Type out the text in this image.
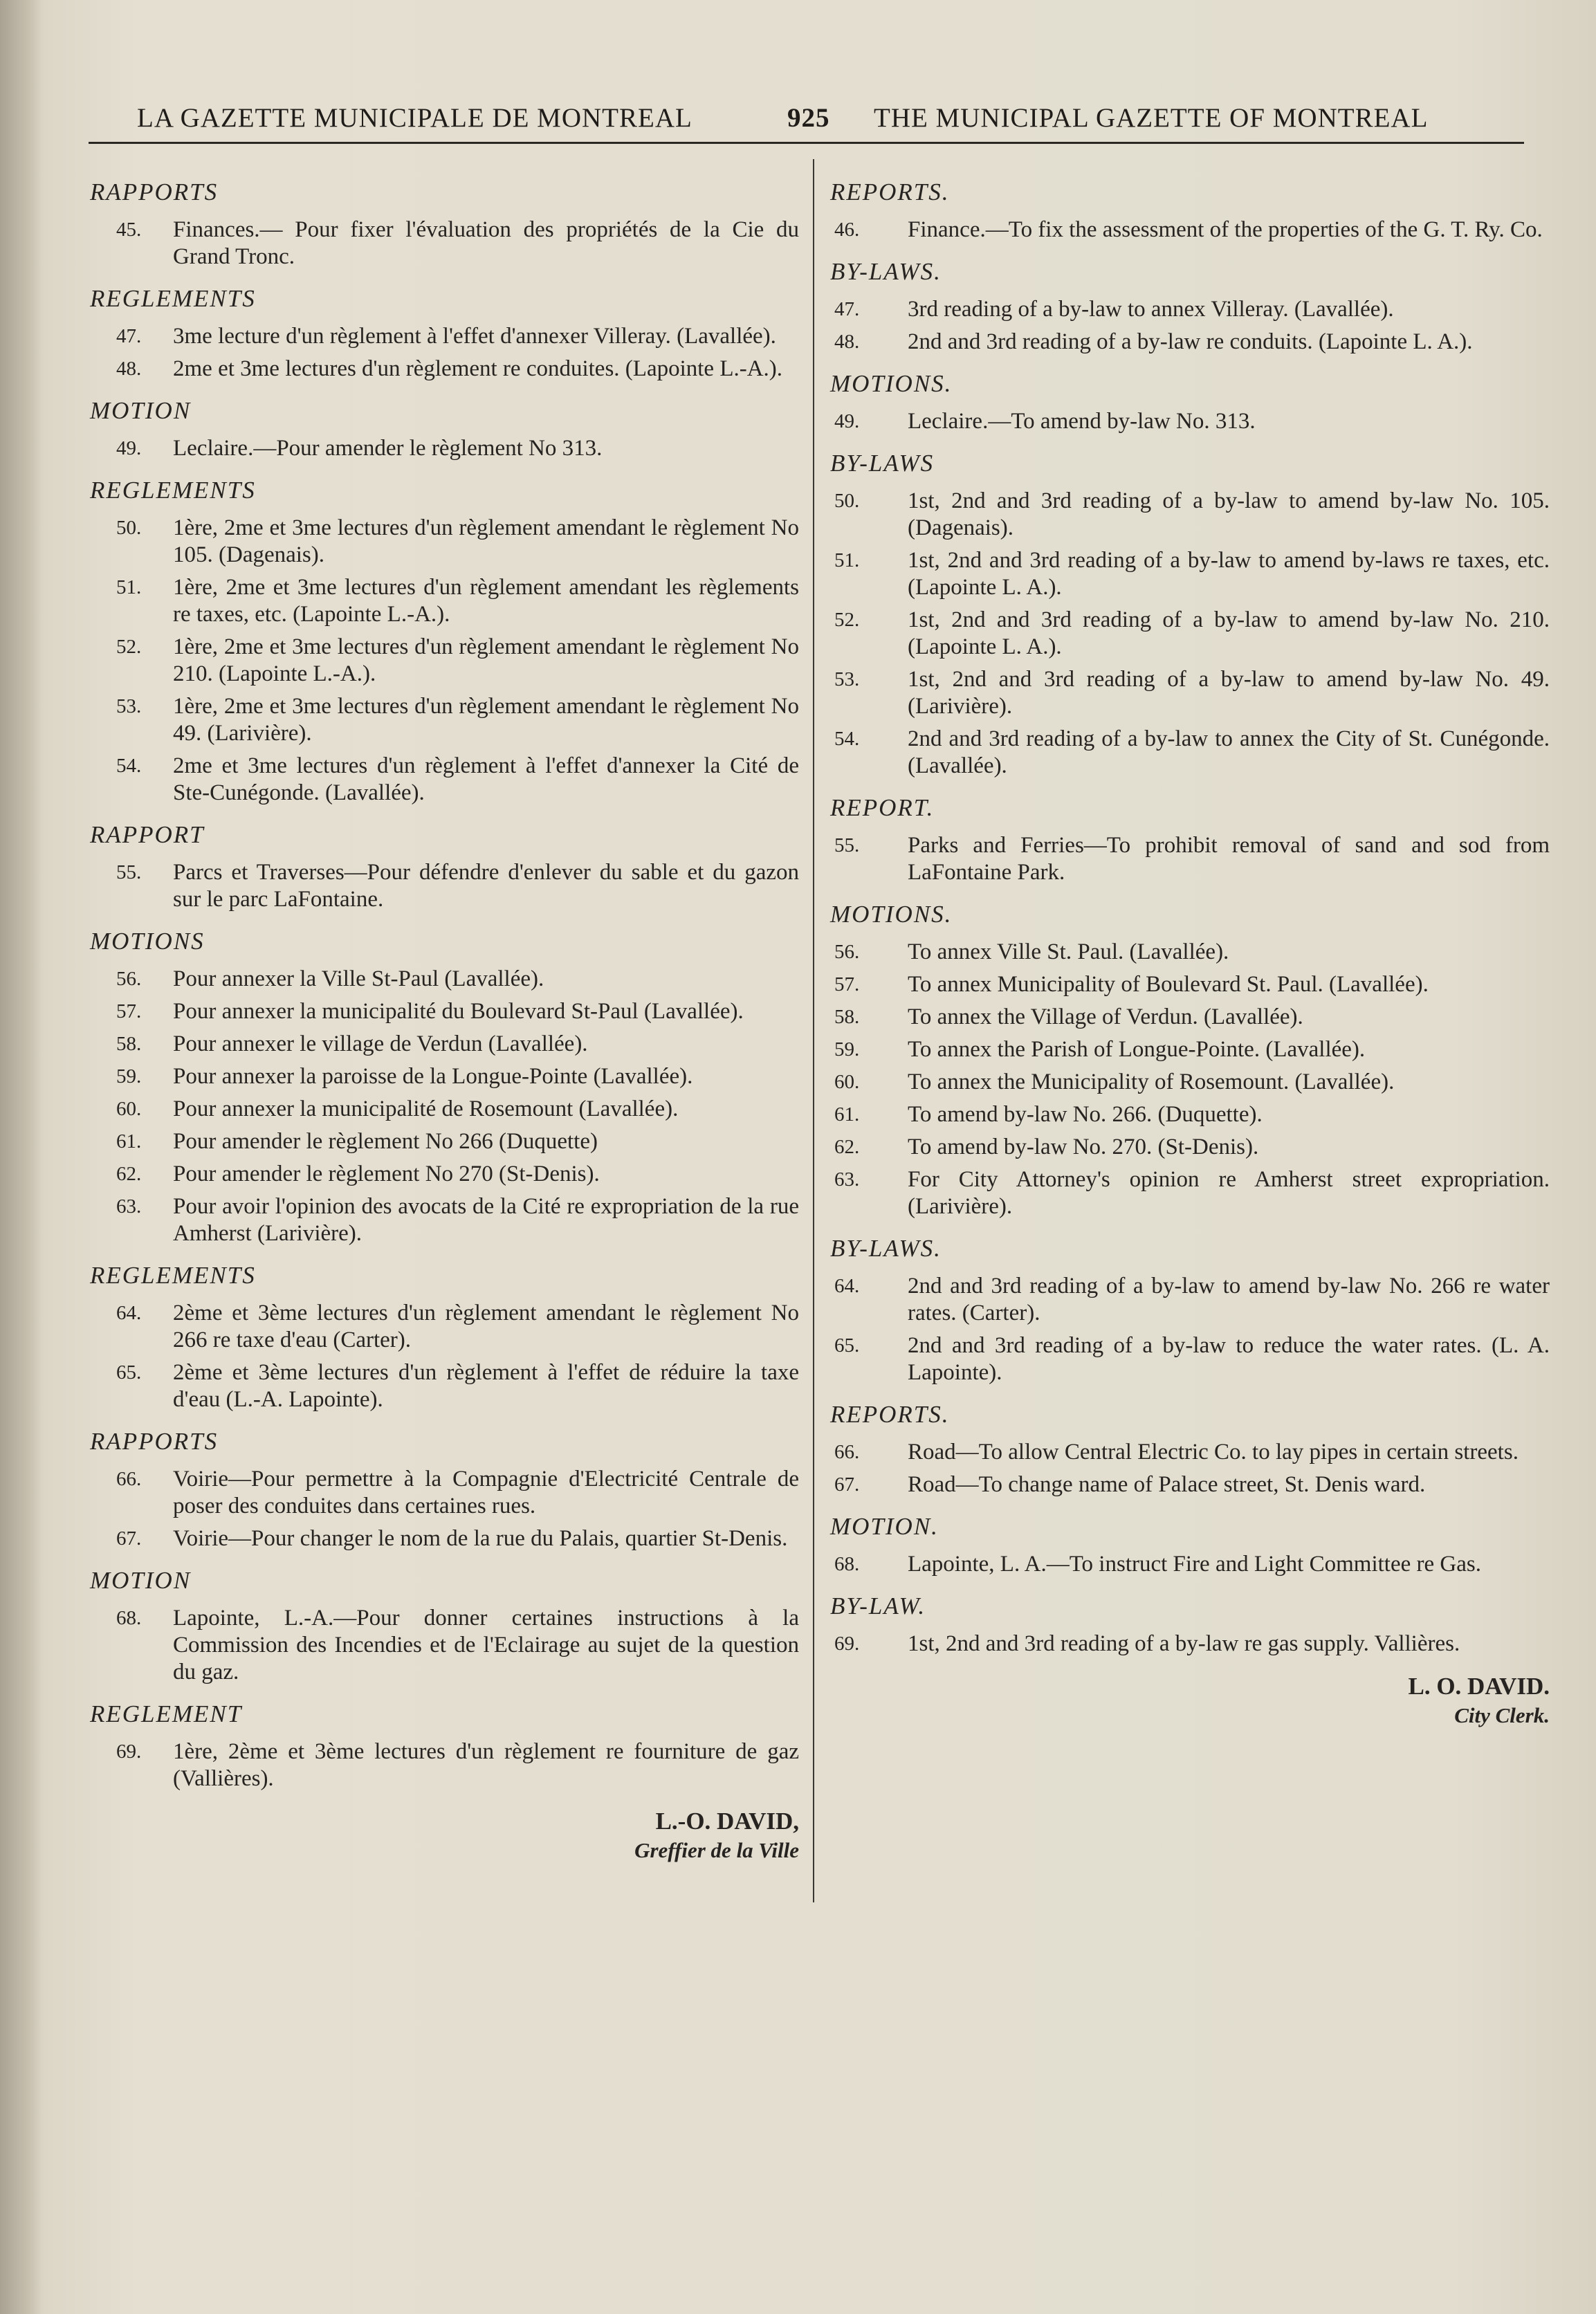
LA GAZETTE MUNICIPALE DE MONTREAL	925 THE MUNICIPAL GAZETTE OF MONTREAL
RAPPORTS
45. Finances.— Pour fixer l'évaluation des propriétés de la Cie du Grand Tronc.
REGLEMENTS
47. 3me lecture d'un règlement à l'effet d'annexer Villeray. (Lavallée).
48. 2me et 3me lectures d'un règlement re conduites. (Lapointe L.-A.).
MOTION
49. Leclaire.—Pour amender le règlement No 313.
REGLEMENTS
50. 1ère, 2me et 3me lectures d'un règlement amendant le règlement No 105. (Dagenais).
51. 1ère, 2me et 3me lectures d'un règlement amendant les règlements re taxes, etc. (Lapointe L.-A.).
52. 1ère, 2me et 3me lectures d'un règlement amendant le règlement No 210. (Lapointe L.-A.).
53. 1ère, 2me et 3me lectures d'un règlement amendant le règlement No 49. (Larivière).
54. 2me et 3me lectures d'un règlement à l'effet d'annexer la Cité de Ste-Cunégonde. (Lavallée).
RAPPORT
55. Parcs et Traverses—Pour défendre d'enlever du sable et du gazon sur le parc LaFontaine.
MOTIONS
56. Pour annexer la Ville St-Paul (Lavallée).
57. Pour annexer la municipalité du Boulevard St-Paul (Lavallée).
58. Pour annexer le village de Verdun (Lavallée).
59. Pour annexer la paroisse de la Longue-Pointe (Lavallée).
60. Pour annexer la municipalité de Rosemount (Lavallée).
61. Pour amender le règlement No 266 (Duquette)
62. Pour amender le règlement No 270 (St-Denis).
63. Pour avoir l'opinion des avocats de la Cité re expropriation de la rue Amherst (Larivière).
REGLEMENTS
64. 2ème et 3ème lectures d'un règlement amendant le règlement No 266 re taxe d'eau (Carter).
65. 2ème et 3ème lectures d'un règlement à l'effet de réduire la taxe d'eau (L.-A. Lapointe).
RAPPORTS
66. Voirie—Pour permettre à la Compagnie d'Electricité Centrale de poser des conduites dans certaines rues.
67. Voirie—Pour changer le nom de la rue du Palais, quartier St-Denis.
MOTION
68. Lapointe, L.-A.—Pour donner certaines instructions à la Commission des Incendies et de l'Eclairage au sujet de la question du gaz.
REGLEMENT
69. 1ère, 2ème et 3ème lectures d'un règlement re fourniture de gaz (Vallières).
L.-O. DAVID,
Greffier de la Ville
REPORTS.
46. Finance.—To fix the assessment of the properties of the G. T. Ry. Co.
BY-LAWS.
47. 3rd reading of a by-law to annex Villeray. (Lavallée).
48. 2nd and 3rd reading of a by-law re conduits. (Lapointe L. A.).
MOTIONS.
49. Leclaire.—To amend by-law No. 313.
BY-LAWS
50. 1st, 2nd and 3rd reading of a by-law to amend by-law No. 105. (Dagenais).
51. 1st, 2nd and 3rd reading of a by-law to amend by-laws re taxes, etc. (Lapointe L. A.).
52. 1st, 2nd and 3rd reading of a by-law to amend by-law No. 210. (Lapointe L. A.).
53. 1st, 2nd and 3rd reading of a by-law to amend by-law No. 49. (Larivière).
54. 2nd and 3rd reading of a by-law to annex the City of St. Cunégonde. (Lavallée).
REPORT.
55. Parks and Ferries—To prohibit removal of sand and sod from LaFontaine Park.
MOTIONS.
56. To annex Ville St. Paul. (Lavallée).
57. To annex Municipality of Boulevard St. Paul. (Lavallée).
58. To annex the Village of Verdun. (Lavallée).
59. To annex the Parish of Longue-Pointe. (Lavallée).
60. To annex the Municipality of Rosemount. (Lavallée).
61. To amend by-law No. 266. (Duquette).
62. To amend by-law No. 270. (St-Denis).
63. For City Attorney's opinion re Amherst street expropriation. (Larivière).
BY-LAWS.
64. 2nd and 3rd reading of a by-law to amend by-law No. 266 re water rates. (Carter).
65. 2nd and 3rd reading of a by-law to reduce the water rates. (L. A. Lapointe).
REPORTS.
66. Road—To allow Central Electric Co. to lay pipes in certain streets.
67. Road—To change name of Palace street, St. Denis ward.
MOTION.
68. Lapointe, L. A.—To instruct Fire and Light Committee re Gas.
BY-LAW.
69. 1st, 2nd and 3rd reading of a by-law re gas supply. Vallières.
L. O. DAVID.
City Clerk.
